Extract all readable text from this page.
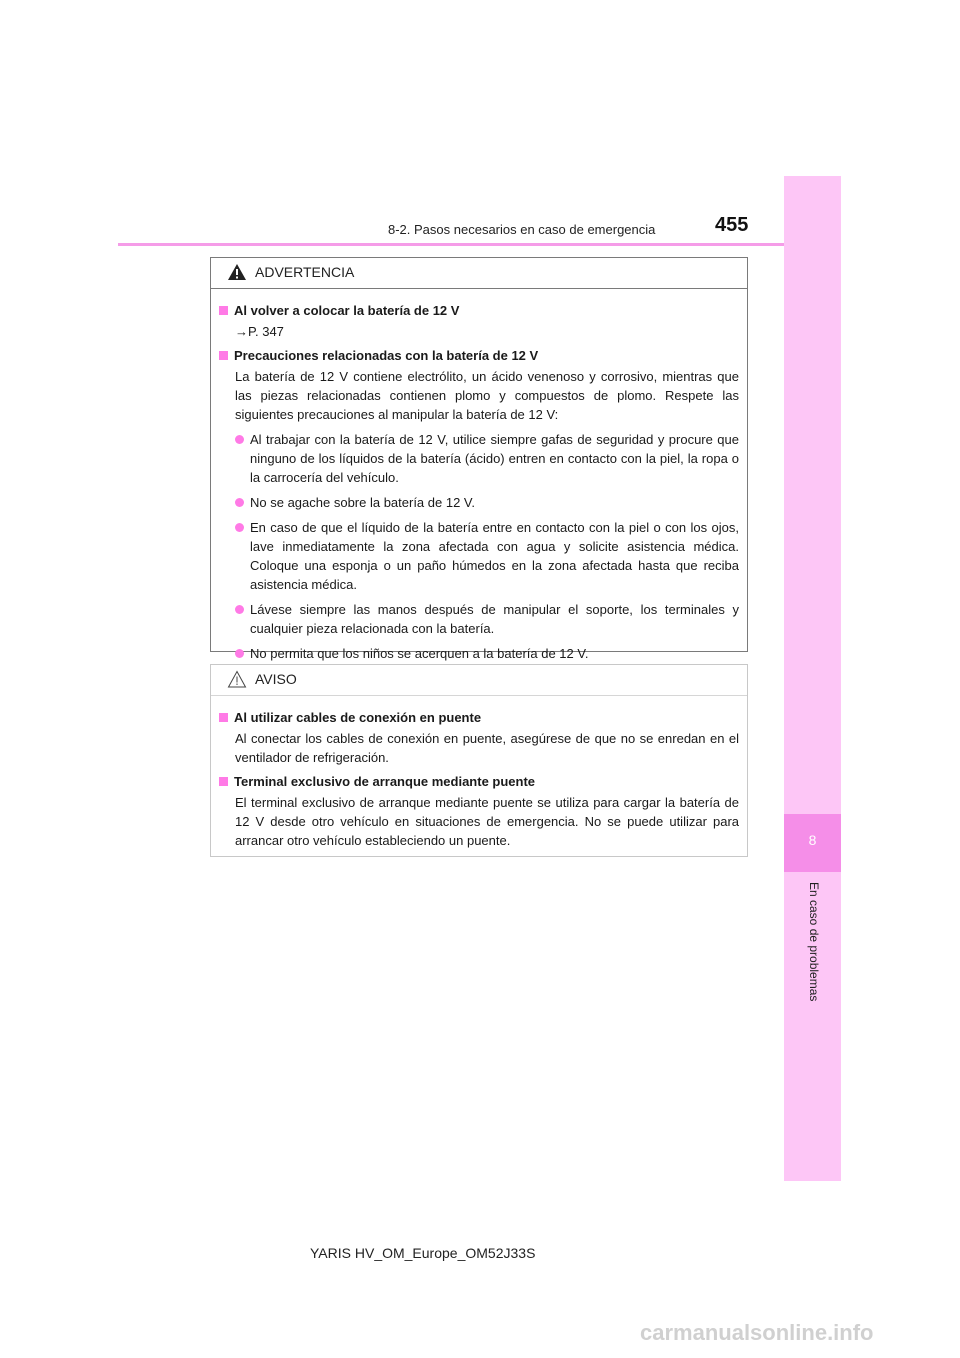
8-2. Pasos necesarios en caso de emergencia	455
8
En caso de problemas
ADVERTENCIA
Al volver a colocar la batería de 12 V
→P. 347
Precauciones relacionadas con la batería de 12 V
La batería de 12 V contiene electrólito, un ácido venenoso y corrosivo, mientras que las piezas relacionadas contienen plomo y compuestos de plomo. Respete las siguientes precauciones al manipular la batería de 12 V:
Al trabajar con la batería de 12 V, utilice siempre gafas de seguridad y procure que ninguno de los líquidos de la batería (ácido) entren en contacto con la piel, la ropa o la carrocería del vehículo.
No se agache sobre la batería de 12 V.
En caso de que el líquido de la batería entre en contacto con la piel o con los ojos, lave inmediatamente la zona afectada con agua y solicite asistencia médica. Coloque una esponja o un paño húmedos en la zona afectada hasta que reciba asistencia médica.
Lávese siempre las manos después de manipular el soporte, los terminales y cualquier pieza relacionada con la batería.
No permita que los niños se acerquen a la batería de 12 V.
AVISO
Al utilizar cables de conexión en puente
Al conectar los cables de conexión en puente, asegúrese de que no se enredan en el ventilador de refrigeración.
Terminal exclusivo de arranque mediante puente
El terminal exclusivo de arranque mediante puente se utiliza para cargar la batería de 12 V desde otro vehículo en situaciones de emergencia. No se puede utilizar para arrancar otro vehículo estableciendo un puente.
YARIS HV_OM_Europe_OM52J33S
carmanualsonline.info
